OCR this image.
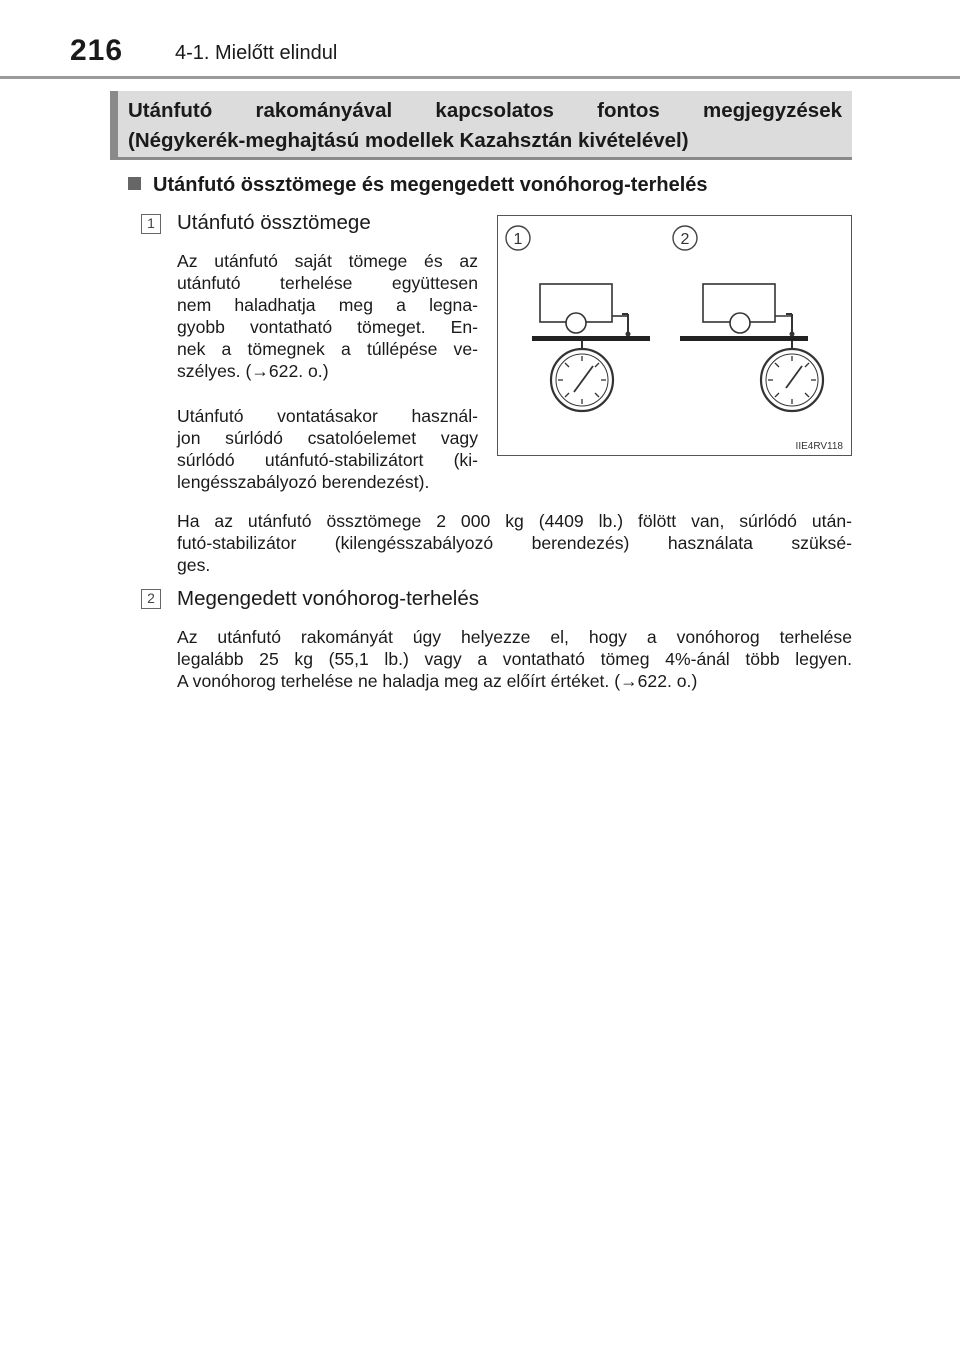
216	4-1. Mielőtt elindul
Utánfutó rakományával kapcsolatos fontos megjegyzések
(Négykerék-meghajtású modellek Kazahsztán kivételével)
Utánfutó össztömege és megengedett vonóhorog-terhelés
1 Utánfutó össztömege
Az utánfutó saját tömege és az
utánfutó terhelése együttesen
nem haladhatja meg a legna-
gyobb vontatható tömeget. En-
nek a tömegnek a túllépése ve-
szélyes. (→622. o.)
Utánfutó vontatásakor használ-
jon súrlódó csatolóelemet vagy
súrlódó utánfutó-stabilizátort (ki-
lengésszabályozó berendezést).
Ha az utánfutó össztömege 2 000 kg (4409 lb.) fölött van, súrlódó után-
futó-stabilizátor (kilengésszabályozó berendezés) használata szüksé-
ges.
1	2
IIE4RV118
2 Megengedett vonóhorog-terhelés
Az utánfutó rakományát úgy helyezze el, hogy a vonóhorog terhelése
legalább 25 kg (55,1 lb.) vagy a vontatható tömeg 4%-ánál több legyen.
A vonóhorog terhelése ne haladja meg az előírt értéket. (→622. o.)
